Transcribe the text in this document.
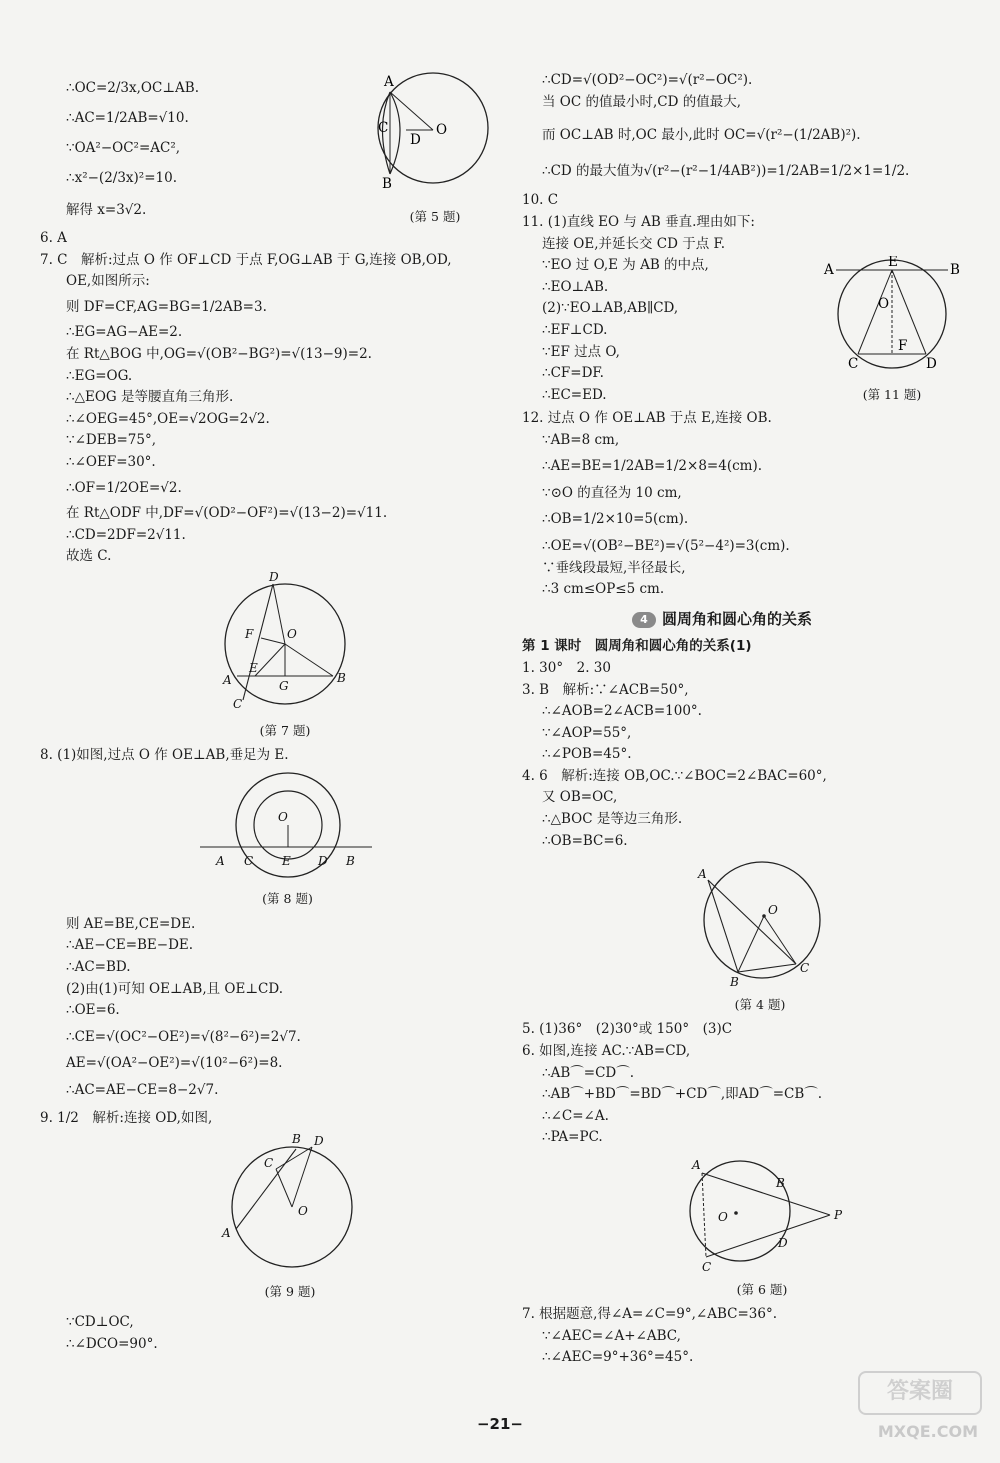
∴OC=2/3x,OC⊥AB.
∴AC=1/2AB=√10.
∵OA²−OC²=AC²,
∴x²−(2/3x)²=10.
解得 x=3√2.
A
B
C
D
O
(第 5 题)
6. A
7. C　解析:过点 O 作 OF⊥CD 于点 F,OG⊥AB 于 G,连接 OB,OD,
OE,如图所示:
则 DF=CF,AG=BG=1/2AB=3.
∴EG=AG−AE=2.
在 Rt△BOG 中,OG=√(OB²−BG²)=√(13−9)=2.
∴EG=OG.
∴△EOG 是等腰直角三角形.
∴∠OEG=45°,OE=√2OG=2√2.
∵∠DEB=75°,
∴∠OEF=30°.
∴OF=1/2OE=√2.
在 Rt△ODF 中,DF=√(OD²−OF²)=√(13−2)=√11.
∴CD=2DF=2√11.
故选 C.
D
F	O
A
E
G
B
C
(第 7 题)
8. (1)如图,过点 O 作 OE⊥AB,垂足为 E.
O
A C E D B
(第 8 题)
则 AE=BE,CE=DE.
∴AE−CE=BE−DE.
∴AC=BD.
(2)由(1)可知 OE⊥AB,且 OE⊥CD.
∴OE=6.
∴CE=√(OC²−OE²)=√(8²−6²)=2√7.
AE=√(OA²−OE²)=√(10²−6²)=8.
∴AC=AE−CE=8−2√7.
9. 1/2　解析:连接 OD,如图,
B D
C
A
O
(第 9 题)
∵CD⊥OC,
∴∠DCO=90°.
∴CD=√(OD²−OC²)=√(r²−OC²).
当 OC 的值最小时,CD 的值最大,
而 OC⊥AB 时,OC 最小,此时 OC=√(r²−(1/2AB)²).
∴CD 的最大值为√(r²−(r²−1/4AB²))=1/2AB=1/2×1=1/2.
10. C
11. (1)直线 EO 与 AB 垂直.理由如下:
连接 OE,并延长交 CD 于点 F.
∵EO 过 O,E 为 AB 的中点,
∴EO⊥AB.
(2)∵EO⊥AB,AB∥CD,
∴EF⊥CD.
∵EF 过点 O,
∴CF=DF.
∴EC=ED.
A	E	B
O
F
C	D
(第 11 题)
12. 过点 O 作 OE⊥AB 于点 E,连接 OB.
∵AB=8 cm,
∴AE=BE=1/2AB=1/2×8=4(cm).
∵⊙O 的直径为 10 cm,
∴OB=1/2×10=5(cm).
∴OE=√(OB²−BE²)=√(5²−4²)=3(cm).
∵垂线段最短,半径最长,
∴3 cm≤OP≤5 cm.
4 圆周角和圆心角的关系
第 1 课时　圆周角和圆心角的关系(1)
1. 30°　2. 30
3. B　解析:∵∠ACB=50°,
∴∠AOB=2∠ACB=100°.
∵∠AOP=55°,
∴∠POB=45°.
4. 6　解析:连接 OB,OC.∵∠BOC=2∠BAC=60°,
又 OB=OC,
∴△BOC 是等边三角形.
∴OB=BC=6.
A
O
B
C
(第 4 题)
5. (1)36°　(2)30°或 150°　(3)C
6. 如图,连接 AC.∵AB=CD,
∴AB⌒=CD⌒.
∴AB⌒+BD⌒=BD⌒+CD⌒,即AD⌒=CB⌒.
∴∠C=∠A.
∴PA=PC.
A
B
P
O
D
C
(第 6 题)
7. 根据题意,得∠A=∠C=9°,∠ABC=36°.
∵∠AEC=∠A+∠ABC,
∴∠AEC=9°+36°=45°.
−21−
答案圈
MXQE.COM
